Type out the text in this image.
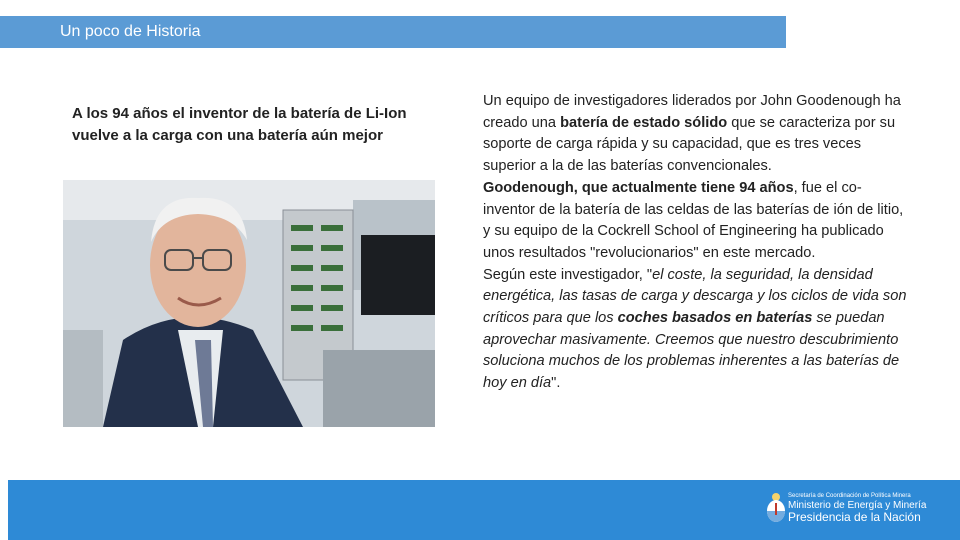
Un poco de Historia
A los 94 años el inventor de la batería de Li-Ion vuelve a la carga con una batería aún mejor

Un equipo de investigadores liderados por John Goodenough ha creado una batería de estado sólido que se caracteriza por su soporte de carga rápida y su capacidad, que es tres veces superior a la de las baterías convencionales.

Goodenough, que actualmente tiene 94 años, fue el co-inventor de la batería de las celdas de las baterías de ión de litio, y su equipo de la Cockrell School of Engineering ha publicado unos resultados "revolucionarios" en este mercado.

Según este investigador, "el coste, la seguridad, la densidad energética, las tasas de carga y descarga y los ciclos de vida son críticos para que los coches basados en baterías se puedan aprovechar masivamente. Creemos que nuestro descubrimiento soluciona muchos de los problemas inherentes a las baterías de hoy en día".

Secretaría de Coordinación de Política Minera
Ministerio de Energía y Minería
Presidencia de la Nación
